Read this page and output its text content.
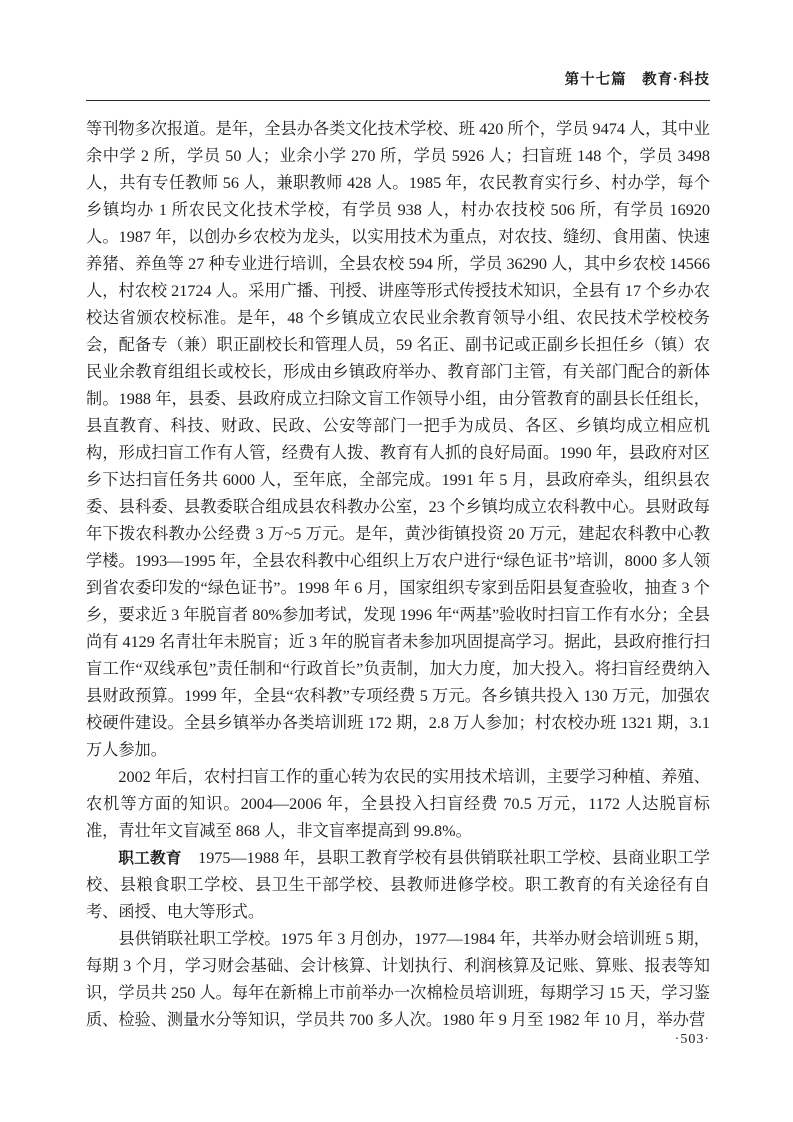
第十七篇　教育·科技

等刊物多次报道。是年，全县办各类文化技术学校、班 420 所个，学员 9474 人，其中业余中学 2 所，学员 50 人；业余小学 270 所，学员 5926 人；扫盲班 148 个，学员 3498 人，共有专任教师 56 人，兼职教师 428 人。1985 年，农民教育实行乡、村办学，每个乡镇均办 1 所农民文化技术学校，有学员 938 人，村办农技校 506 所，有学员 16920 人。1987 年，以创办乡农校为龙头，以实用技术为重点，对农技、缝纫、食用菌、快速养猪、养鱼等 27 种专业进行培训，全县农校 594 所，学员 36290 人，其中乡农校 14566 人，村农校 21724 人。采用广播、刊授、讲座等形式传授技术知识，全县有 17 个乡办农校达省颁农校标准。是年，48 个乡镇成立农民业余教育领导小组、农民技术学校校务会，配备专（兼）职正副校长和管理人员，59 名正、副书记或正副乡长担任乡（镇）农民业余教育组组长或校长，形成由乡镇政府举办、教育部门主管，有关部门配合的新体制。1988 年，县委、县政府成立扫除文盲工作领导小组，由分管教育的副县长任组长，县直教育、科技、财政、民政、公安等部门一把手为成员、各区、乡镇均成立相应机构，形成扫盲工作有人管，经费有人拨、教育有人抓的良好局面。1990 年，县政府对区乡下达扫盲任务共 6000 人，至年底，全部完成。1991 年 5 月，县政府牵头，组织县农委、县科委、县教委联合组成县农科教办公室，23 个乡镇均成立农科教中心。县财政每年下拨农科教办公经费 3 万~5 万元。是年，黄沙街镇投资 20 万元，建起农科教中心教学楼。1993—1995 年，全县农科教中心组织上万农户进行“绿色证书”培训，8000 多人领到省农委印发的“绿色证书”。1998 年 6 月，国家组织专家到岳阳县复查验收，抽查 3 个乡，要求近 3 年脱盲者 80%参加考试，发现 1996 年“两基”验收时扫盲工作有水分；全县尚有 4129 名青壮年未脱盲；近 3 年的脱盲者未参加巩固提高学习。据此，县政府推行扫盲工作“双线承包”责任制和“行政首长”负责制，加大力度，加大投入。将扫盲经费纳入县财政预算。1999 年，全县“农科教”专项经费 5 万元。各乡镇共投入 130 万元，加强农校硬件建设。全县乡镇举办各类培训班 172 期，2.8 万人参加；村农校办班 1321 期，3.1 万人参加。

2002 年后，农村扫盲工作的重心转为农民的实用技术培训，主要学习种植、养殖、农机等方面的知识。2004—2006 年，全县投入扫盲经费 70.5 万元，1172 人达脱盲标准，青壮年文盲减至 868 人，非文盲率提高到 99.8%。

职工教育　1975—1988 年，县职工教育学校有县供销联社职工学校、县商业职工学校、县粮食职工学校、县卫生干部学校、县教师进修学校。职工教育的有关途径有自考、函授、电大等形式。

县供销联社职工学校。1975 年 3 月创办，1977—1984 年，共举办财会培训班 5 期，每期 3 个月，学习财会基础、会计核算、计划执行、利润核算及记账、算账、报表等知识，学员共 250 人。每年在新棉上市前举办一次棉检员培训班，每期学习 15 天，学习鉴质、检验、测量水分等知识，学员共 700 多人次。1980 年 9 月至 1982 年 10 月，举办营

·503·
